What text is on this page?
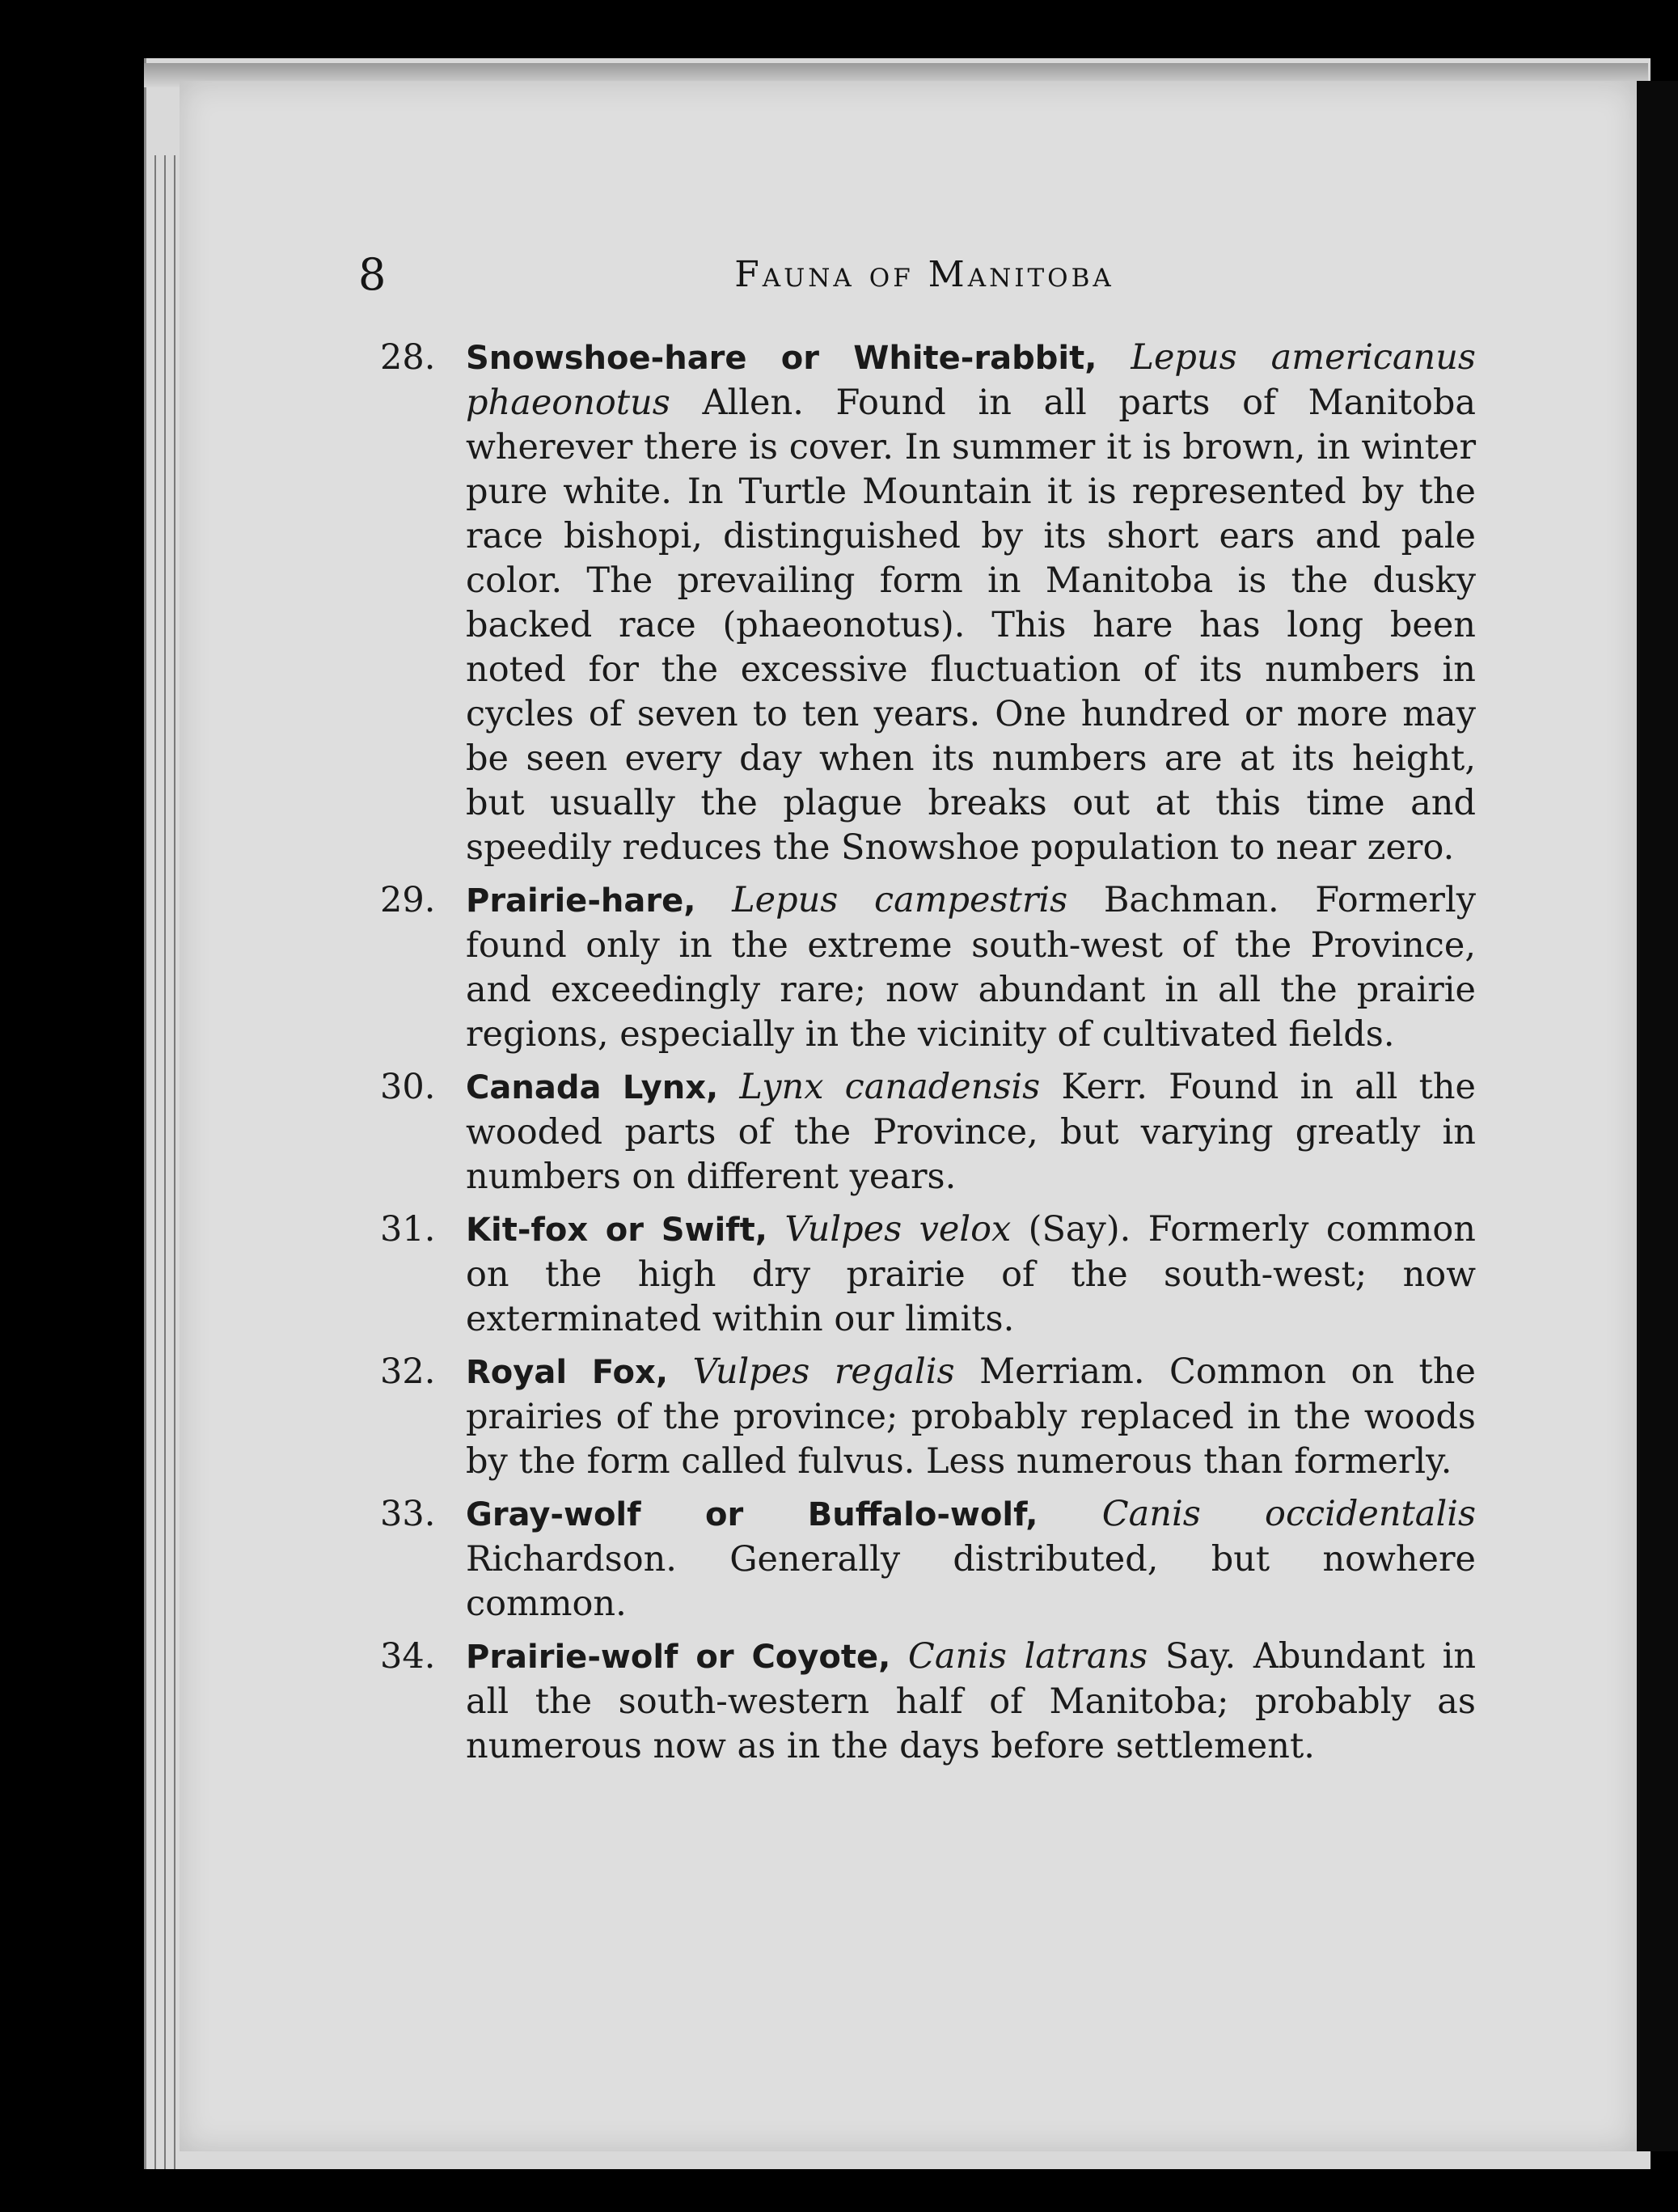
8	Fauna of Manitoba
28. Snowshoe-hare or White-rabbit, Lepus americanus phaeonotus Allen. Found in all parts of Manitoba wherever there is cover. In summer it is brown, in winter pure white. In Turtle Mountain it is represented by the race bishopi, distinguished by its short ears and pale color. The prevailing form in Manitoba is the dusky backed race (phaeonotus). This hare has long been noted for the excessive fluctuation of its numbers in cycles of seven to ten years. One hundred or more may be seen every day when its numbers are at its height, but usually the plague breaks out at this time and speedily reduces the Snowshoe population to near zero.
29. Prairie-hare, Lepus campestris Bachman. Formerly found only in the extreme south-west of the Province, and exceedingly rare; now abundant in all the prairie regions, especially in the vicinity of cultivated fields.
30. Canada Lynx, Lynx canadensis Kerr. Found in all the wooded parts of the Province, but varying greatly in numbers on different years.
31. Kit-fox or Swift, Vulpes velox (Say). Formerly common on the high dry prairie of the south-west; now exterminated within our limits.
32. Royal Fox, Vulpes regalis Merriam. Common on the prairies of the province; probably replaced in the woods by the form called fulvus. Less numerous than formerly.
33. Gray-wolf or Buffalo-wolf, Canis occidentalis Richardson. Generally distributed, but nowhere common.
34. Prairie-wolf or Coyote, Canis latrans Say. Abundant in all the south-western half of Manitoba; probably as numerous now as in the days before settlement.
